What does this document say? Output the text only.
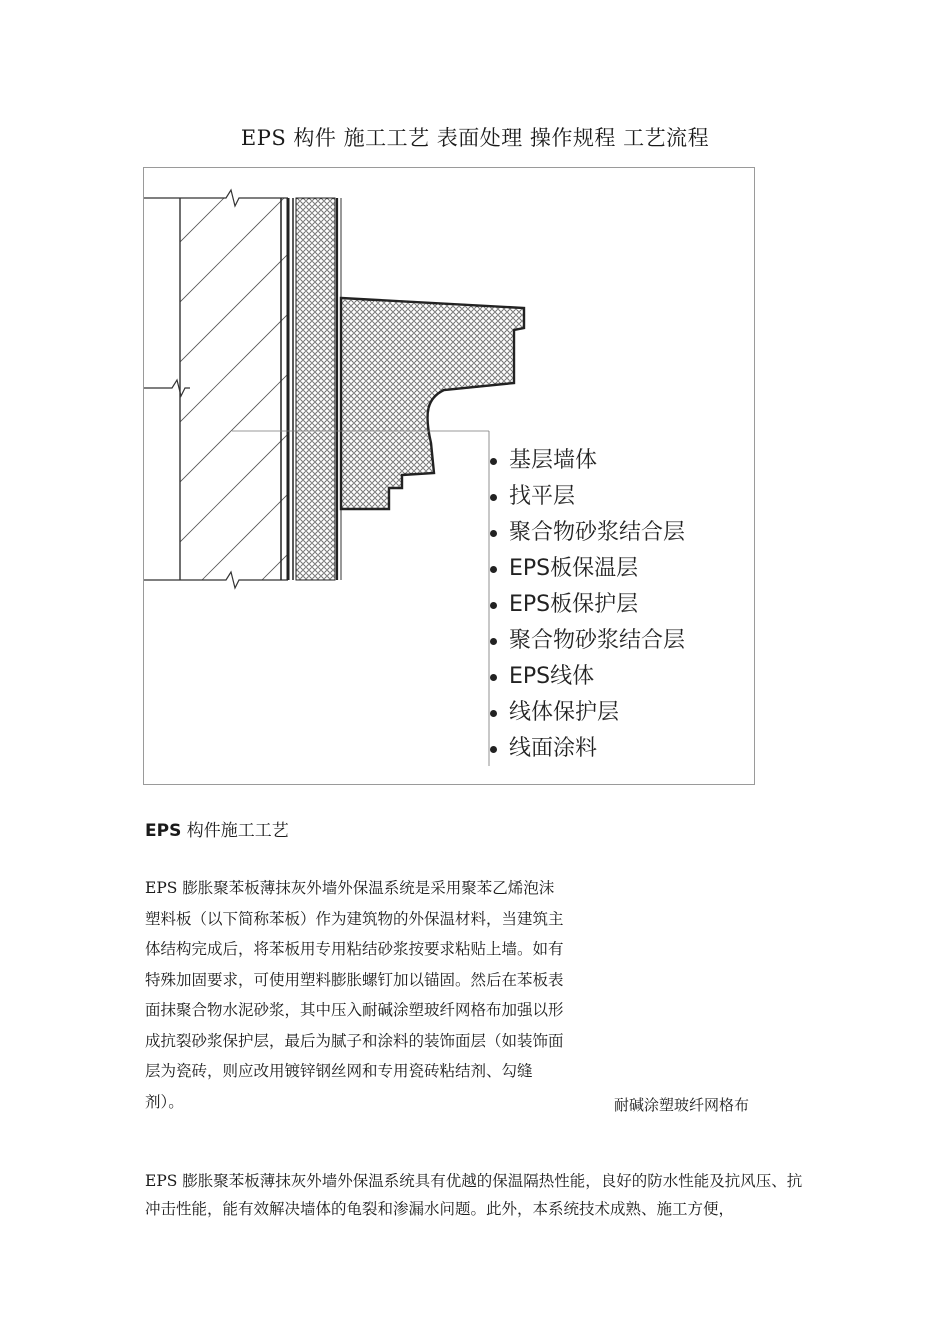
EPS 构件 施工工艺 表面处理 操作规程 工艺流程
基层墙体
找平层
聚合物砂浆结合层
EPS板保温层
EPS板保护层
聚合物砂浆结合层
EPS线体
线体保护层
线面涂料
EPS 构件施工工艺
EPS 膨胀聚苯板薄抹灰外墙外保温系统是采用聚苯乙烯泡沫塑料板（以下简称苯板）作为建筑物的外保温材料，当建筑主体结构完成后，将苯板用专用粘结砂浆按要求粘贴上墙。如有特殊加固要求，可使用塑料膨胀螺钉加以锚固。然后在苯板表面抹聚合物水泥砂浆，其中压入耐碱涂塑玻纤网格布加强以形成抗裂砂浆保护层，最后为腻子和涂料的装饰面层（如装饰面层为瓷砖，则应改用镀锌钢丝网和专用瓷砖粘结剂、勾缝剂）。	耐碱涂塑玻纤网格布
EPS 膨胀聚苯板薄抹灰外墙外保温系统具有优越的保温隔热性能，良好的防水性能及抗风压、抗冲击性能，能有效解决墙体的龟裂和渗漏水问题。此外，本系统技术成熟、施工方便，
